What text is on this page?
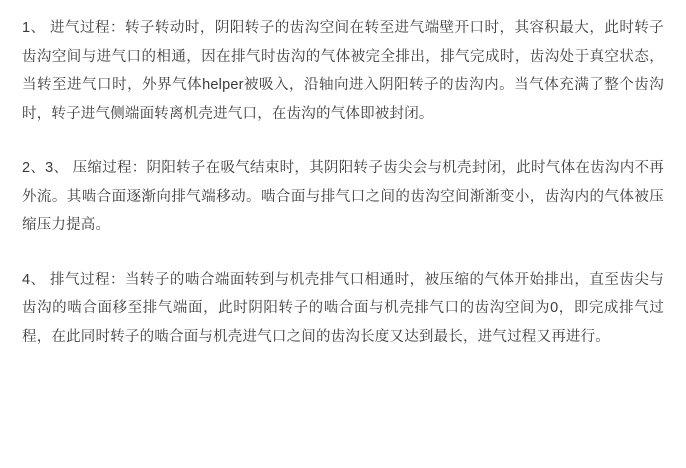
1、 进气过程：转子转动时，阴阳转子的齿沟空间在转至进气端壁开口时，其容积最大，此时转子齿沟空间与进气口的相通，因在排气时齿沟的气体被完全排出，排气完成时，齿沟处于真空状态，当转至进气口时，外界气体helper被吸入，沿轴向进入阴阳转子的齿沟内。当气体充满了整个齿沟时，转子进气侧端面转离机壳进气口，在齿沟的气体即被封闭。

2、3、 压缩过程：阴阳转子在吸气结束时，其阴阳转子齿尖会与机壳封闭，此时气体在齿沟内不再外流。其啮合面逐渐向排气端移动。啮合面与排气口之间的齿沟空间渐渐变小，齿沟内的气体被压缩压力提高。

4、 排气过程：当转子的啮合端面转到与机壳排气口相通时，被压缩的气体开始排出，直至齿尖与齿沟的啮合面移至排气端面，此时阴阳转子的啮合面与机壳排气口的齿沟空间为0，即完成排气过程，在此同时转子的啮合面与机壳进气口之间的齿沟长度又达到最长，进气过程又再进行。
